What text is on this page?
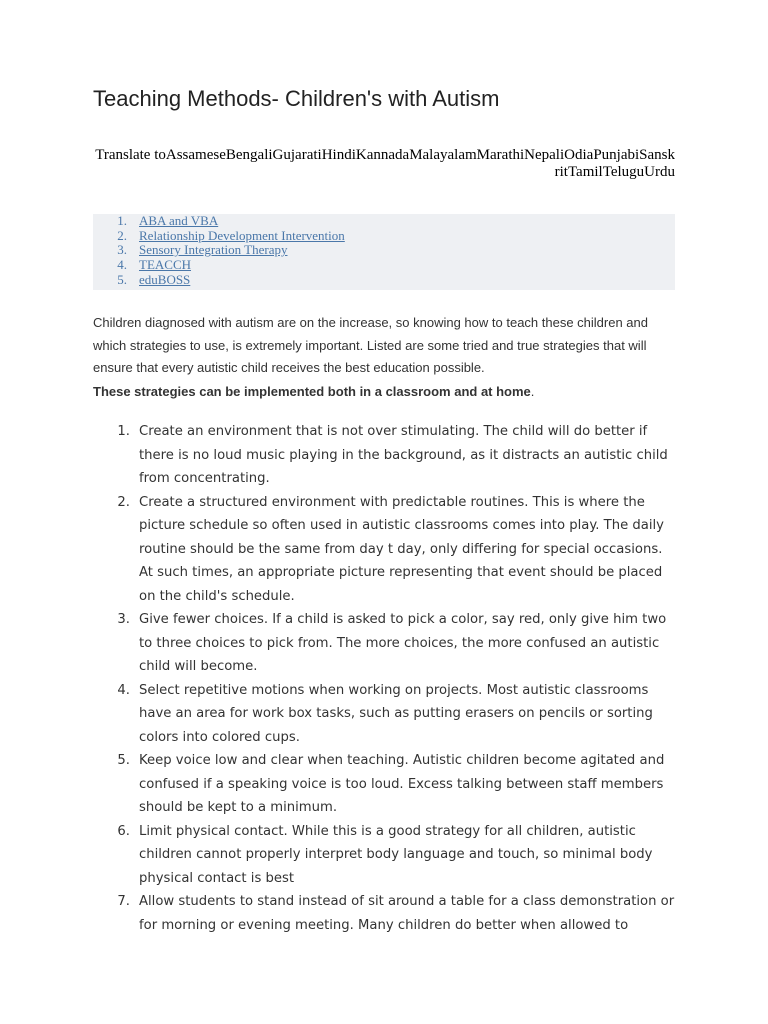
Teaching Methods- Children's with Autism
Translate toAssameseBengaliGujaratiHindiKannadaMalayalamMarathiNepaliOdiaPunjabiSanskritTamilTeluguUrdu
1. ABA and VBA
2. Relationship Development Intervention
3. Sensory Integration Therapy
4. TEACCH
5. eduBOSS

Children diagnosed with autism are on the increase, so knowing how to teach these children and which strategies to use, is extremely important. Listed are some tried and true strategies that will ensure that every autistic child receives the best education possible.

These strategies can be implemented both in a classroom and at home.

1. Create an environment that is not over stimulating. The child will do better if there is no loud music playing in the background, as it distracts an autistic child from concentrating.
2. Create a structured environment with predictable routines. This is where the picture schedule so often used in autistic classrooms comes into play. The daily routine should be the same from day t day, only differing for special occasions. At such times, an appropriate picture representing that event should be placed on the child's schedule.
3. Give fewer choices. If a child is asked to pick a color, say red, only give him two to three choices to pick from. The more choices, the more confused an autistic child will become.
4. Select repetitive motions when working on projects. Most autistic classrooms have an area for work box tasks, such as putting erasers on pencils or sorting colors into colored cups.
5. Keep voice low and clear when teaching. Autistic children become agitated and confused if a speaking voice is too loud. Excess talking between staff members should be kept to a minimum.
6. Limit physical contact. While this is a good strategy for all children, autistic children cannot properly interpret body language and touch, so minimal body physical contact is best
7. Allow students to stand instead of sit around a table for a class demonstration or for morning or evening meeting. Many children do better when allowed to
